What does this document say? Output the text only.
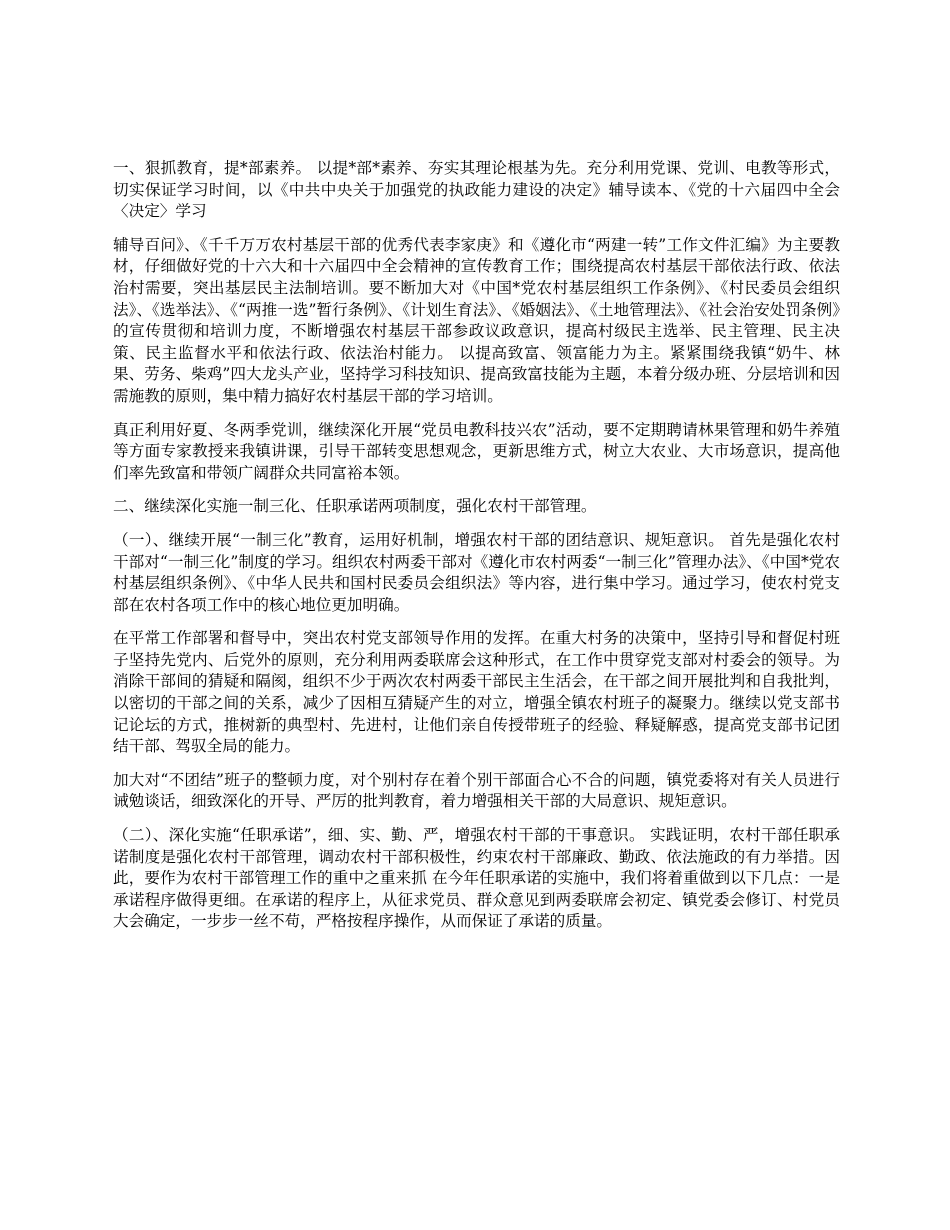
一、狠抓教育，提*部素养。 以提*部*素养、夯实其理论根基为先。充分利用党课、党训、电教等形式，切实保证学习时间，以《中共中央关于加强党的执政能力建设的决定》辅导读本、《党的十六届四中全会〈决定〉学习

辅导百问》、《千千万万农村基层干部的优秀代表李家庚》和《遵化市“两建一转”工作文件汇编》为主要教材，仔细做好党的十六大和十六届四中全会精神的宣传教育工作；围绕提高农村基层干部依法行政、依法治村需要，突出基层民主法制培训。要不断加大对《中国*党农村基层组织工作条例》、《村民委员会组织法》、《选举法》、《“两推一选”暂行条例》、《计划生育法》、《婚姻法》、《土地管理法》、《社会治安处罚条例》的宣传贯彻和培训力度，不断增强农村基层干部参政议政意识，提高村级民主选举、民主管理、民主决策、民主监督水平和依法行政、依法治村能力。 以提高致富、领富能力为主。紧紧围绕我镇“奶牛、林果、劳务、柴鸡”四大龙头产业，坚持学习科技知识、提高致富技能为主题，本着分级办班、分层培训和因需施教的原则，集中精力搞好农村基层干部的学习培训。

真正利用好夏、冬两季党训，继续深化开展“党员电教科技兴农”活动，要不定期聘请林果管理和奶牛养殖等方面专家教授来我镇讲课，引导干部转变思想观念，更新思维方式，树立大农业、大市场意识，提高他们率先致富和带领广阔群众共同富裕本领。

二、继续深化实施一制三化、任职承诺两项制度，强化农村干部管理。

（一）、继续开展“一制三化”教育，运用好机制，增强农村干部的团结意识、规矩意识。 首先是强化农村干部对“一制三化”制度的学习。组织农村两委干部对《遵化市农村两委“一制三化”管理办法》、《中国*党农村基层组织条例》、《中华人民共和国村民委员会组织法》等内容，进行集中学习。通过学习，使农村党支部在农村各项工作中的核心地位更加明确。

在平常工作部署和督导中，突出农村党支部领导作用的发挥。在重大村务的决策中，坚持引导和督促村班子坚持先党内、后党外的原则，充分利用两委联席会这种形式，在工作中贯穿党支部对村委会的领导。为消除干部间的猜疑和隔阂，组织不少于两次农村两委干部民主生活会，在干部之间开展批判和自我批判，以密切的干部之间的关系，减少了因相互猜疑产生的对立，增强全镇农村班子的凝聚力。继续以党支部书记论坛的方式，推树新的典型村、先进村，让他们亲自传授带班子的经验、释疑解惑，提高党支部书记团结干部、驾驭全局的能力。

加大对“不团结”班子的整顿力度，对个别村存在着个别干部面合心不合的问题，镇党委将对有关人员进行诫勉谈话，细致深化的开导、严厉的批判教育，着力增强相关干部的大局意识、规矩意识。

（二）、深化实施“任职承诺”，细、实、勤、严，增强农村干部的干事意识。 实践证明，农村干部任职承诺制度是强化农村干部管理，调动农村干部积极性，约束农村干部廉政、勤政、依法施政的有力举措。因此，要作为农村干部管理工作的重中之重来抓 在今年任职承诺的实施中，我们将着重做到以下几点：一是承诺程序做得更细。在承诺的程序上，从征求党员、群众意见到两委联席会初定、镇党委会修订、村党员大会确定，一步步一丝不苟，严格按程序操作，从而保证了承诺的质量。
